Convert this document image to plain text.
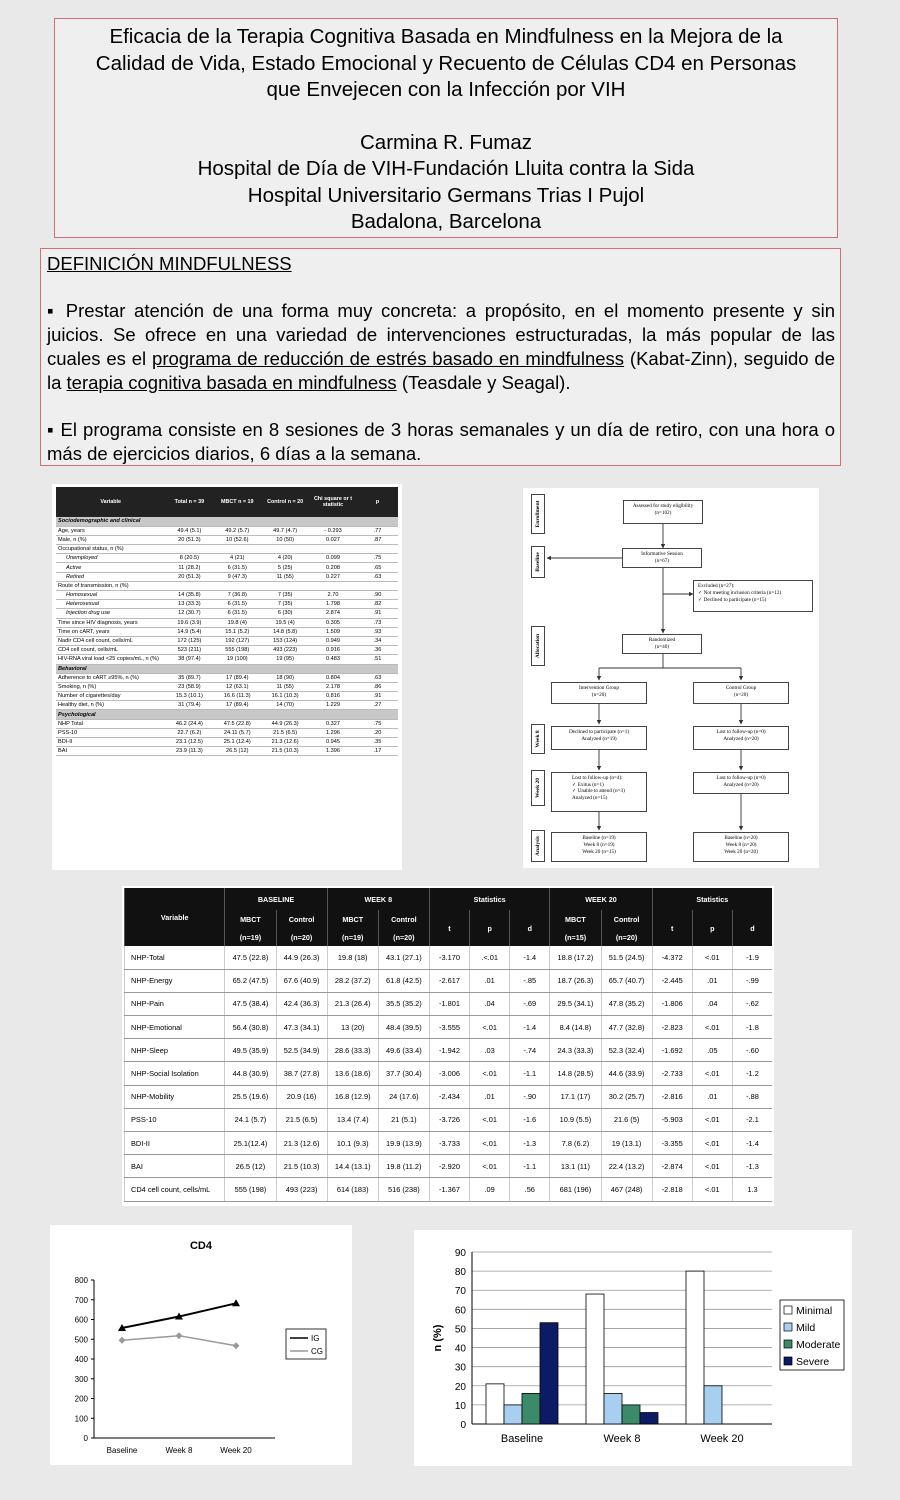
Eficacia de la Terapia Cognitiva Basada en Mindfulness en la Mejora de la
Calidad de Vida, Estado Emocional y Recuento de Células CD4 en Personas
que Envejecen con la Infección por VIH
Carmina R. Fumaz
Hospital de Día de VIH-Fundación Lluita contra la Sida
Hospital Universitario Germans Trias I Pujol
Badalona, Barcelona
DEFINICIÓN MINDFULNESS
▪ Prestar atención de una forma muy concreta: a propósito, en el momento presente y sin juicios. Se ofrece en una variedad de intervenciones estructuradas, la más popular de las cuales es el programa de reducción de estrés basado en mindfulness (Kabat-Zinn), seguido de la terapia cognitiva basada en mindfulness (Teasdale y Seagal).
▪ El programa consiste en 8 sesiones de 3 horas semanales y un día de retiro, con una hora o más de ejercicios diarios, 6 días a la semana.
Variable	Total n = 39	MBCT n = 19	Control n = 20	Chi square or t statistic	p
Sociodemographic and clinical					
Age, years	49.4 (5.1)	49.2 (5.7)	49.7 (4.7)	- 0.293	.77
Male, n (%)	20 (51.3)	10 (52.6)	10 (50)	0.027	.87
Occupational status, n (%)					
Unemployed	8 (20.5)	4 (21)	4 (20)	0.099	.75
Active	11 (28.2)	6 (31.5)	5 (25)	0.208	.65
Retired	20 (51.3)	9 (47.3)	11 (55)	0.227	.63
Route of transmission, n (%)					
Homosexual	14 (35.8)	7 (36.8)	7 (35)	2.70	.90
Heterosexual	13 (33.3)	6 (31.5)	7 (35)	1.798	.82
Injection drug use	12 (30.7)	6 (31.5)	6 (30)	2.874	.91
Time since HIV diagnosis, years	19.6 (3.9)	19.8 (4)	19.5 (4)	0.305	.73
Time on cART, years	14.9 (5.4)	15.1 (5.2)	14.8 (5.8)	1.509	.93
Nadir CD4 cell count, cells/mL	172 (125)	192 (127)	153 (124)	0.949	.34
CD4 cell count, cells/mL	523 (211)	555 (198)	493 (223)	0.916	.36
HIV-RNA viral load <25 copies/mL, n (%)	38 (97.4)	19 (100)	19 (95)	0.483	.51
Behavioral					
Adherence to cART ≥95%, n (%)	35 (89.7)	17 (89.4)	18 (90)	0.804	.63
Smoking, n (%)	23 (58.9)	12 (63.1)	11 (55)	2.178	.86
Number of cigarettes/day	15.3 (10.1)	16.6 (11.3)	16.1 (10.3)	0.816	.91
Healthy diet, n (%)	31 (79.4)	17 (89.4)	14 (70)	1.229	.27
Psychological					
NHP Total	46.2 (24.4)	47.5 (22.8)	44.9 (26.3)	0.327	.75
PSS-10	22.7 (6.2)	24.11 (5.7)	21.5 (6.5)	1.296	.20
BDI-II	23.1 (12.5)	25.1 (12.4)	21.3 (12.6)	0.945	.35
BAI	23.9 (11.3)	26.5 (12)	21.5 (10.3)	1.396	.17
Enrollment
Baseline
Allocation
Week 8
Week 20
Analysis
Assessed for study eligibility
(n=102)
Informative Session
(n=67)
Excluded (n=27):
✓ Not meeting inclusion criteria (n=12)
✓ Declined to participate (n=15)
Randomized
(n=40)
Intervention Group
(n=20)
Control Group
(n=20)
Declined to participate (n=1)
Analyzed (n=19)
Lost to follow-up (n=0)
Analyzed (n=20)
Lost to follow-up (n=4):
✓ Exitus (n=1)
✓ Unable to attend (n=3)
Analyzed (n=15)
Lost to follow-up (n=0)
Analyzed (n=20)
Baseline (n=19)
Week 8 (n=19)
Week 20 (n=15)
Baseline (n=20)
Week 8 (n=20)
Week 20 (n=20)
Variable	BASELINE		WEEK 8		Statistics			WEEK 20		Statistics		
	MBCT	Control	MBCT	Control	t	p	d	MBCT	Control	t	p	d
	(n=19)	(n=20)	(n=19)	(n=20)				(n=15)	(n=20)			
NHP-Total	47.5 (22.8)	44.9 (26.3)	19.8 (18)	43.1 (27.1)	-3.170	.<.01	-1.4	18.8 (17.2)	51.5 (24.5)	-4.372	<.01	-1.9
NHP-Energy	65.2 (47.5)	67.6 (40.9)	28.2 (37.2)	61.8 (42.5)	-2.617	.01	-.85	18.7 (26.3)	65.7 (40.7)	-2.445	.01	-.99
NHP-Pain	47.5 (38.4)	42.4 (36.3)	21.3 (26.4)	35.5 (35.2)	-1.801	.04	-.69	29.5 (34.1)	47.8 (35.2)	-1.806	.04	-.62
NHP-Emotional	56.4 (30.8)	47.3 (34.1)	13 (20)	48.4 (39.5)	-3.555	<.01	-1.4	8.4 (14.8)	47.7 (32.8)	-2.823	<.01	-1.8
NHP-Sleep	49.5 (35.9)	52.5 (34.9)	28.6 (33.3)	49.6 (33.4)	-1.942	.03	-.74	24.3 (33.3)	52.3 (32.4)	-1.692	.05	-.60
NHP-Social Isolation	44.8 (30.9)	38.7 (27.8)	13.6 (18.6)	37.7 (30.4)	-3.006	<.01	-1.1	14.8 (28.5)	44.6 (33.9)	-2.733	<.01	-1.2
NHP-Mobility	25.5 (19.6)	20.9 (16)	16.8 (12.9)	24 (17.6)	-2.434	.01	-.90	17.1 (17)	30.2 (25.7)	-2.816	.01	-.88
PSS-10	24.1 (5.7)	21.5 (6.5)	13.4 (7.4)	21 (5.1)	-3.726	<.01	-1.6	10.9 (5.5)	21.6 (5)	-5.903	<.01	-2.1
BDI-II	25.1(12.4)	21.3 (12.6)	10.1 (9.3)	19.9 (13.9)	-3.733	<.01	-1.3	7.8 (6.2)	19 (13.1)	-3.355	<.01	-1.4
BAI	26.5 (12)	21.5 (10.3)	14.4 (13.1)	19.8 (11.2)	-2.920	<.01	-1.1	13.1 (11)	22.4 (13.2)	-2.874	<.01	-1.3
CD4 cell count, cells/mL	555 (198)	493 (223)	614 (183)	516 (238)	-1.367	.09	.56	681 (196)	467 (248)	-2.818	<.01	1.3
CD4
0
100
200
300
400
500
600
700
800
Baseline	Week 8	Week 20
IG
CG
0
10
20
30
40
50
60
70
80
90
n (%)
Baseline	Week 8	Week 20
Minimal
Mild
Moderate
Severe
